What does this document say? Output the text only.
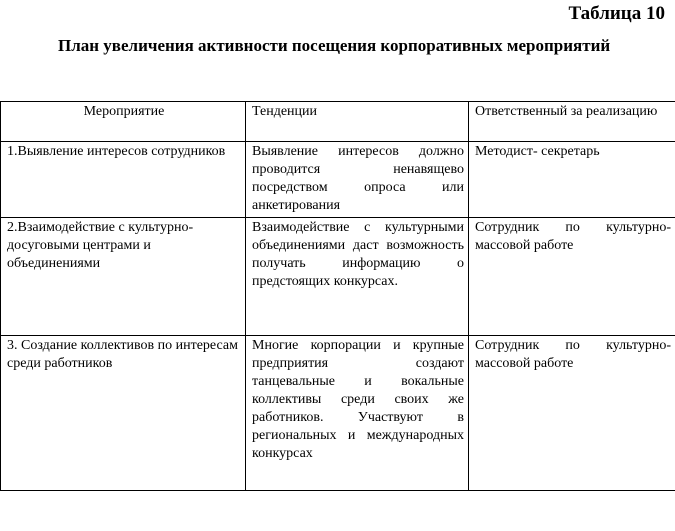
Таблица 10
План увеличения активности посещения корпоративных мероприятий
Мероприятие	Тенденции	Ответственный за реализацию
1.Выявление интересов сотрудников	Выявление интересов должно проводится ненавящево посредством опроса или анкетирования	Методист- секретарь
2.Взаимодействие с культурно-досуговыми центрами и объединениями	Взаимодействие с культурными объединениями даст возможность получать информацию о предстоящих конкурсах.	Сотрудник по культурно-массовой работе
3. Создание коллективов по интересам среди работников	Многие корпорации и крупные предприятия создают танцевальные и вокальные коллективы среди своих же работников. Участвуют в региональных и международных конкурсах	Сотрудник по культурно-массовой работе
